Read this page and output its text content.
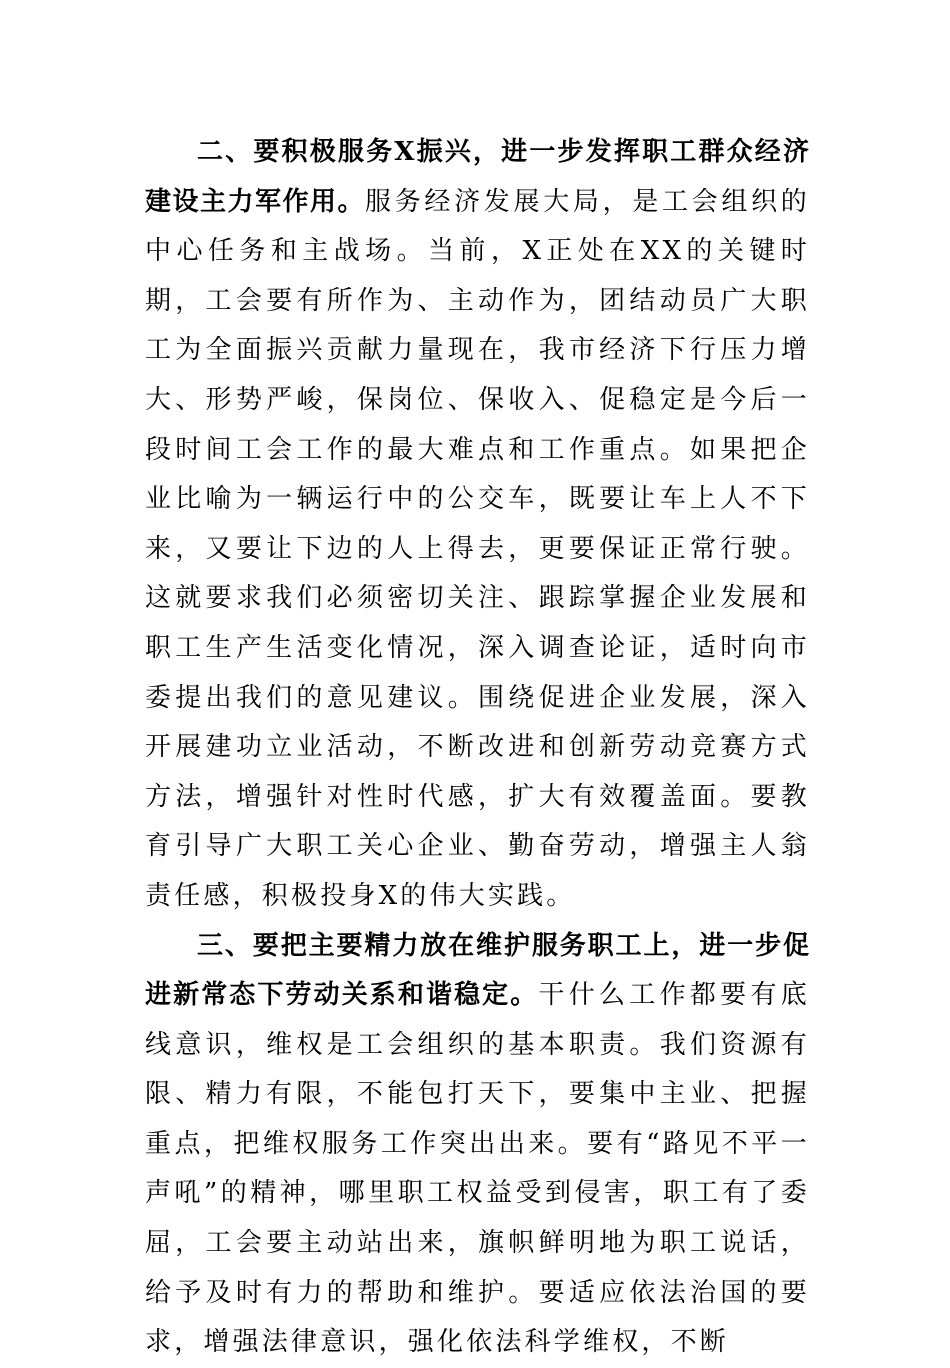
二、要积极服务X振兴，进一步发挥职工群众经济建设主力军作用。服务经济发展大局，是工会组织的中心任务和主战场。当前，X正处在XX的关键时期，工会要有所作为、主动作为，团结动员广大职工为全面振兴贡献力量现在，我市经济下行压力增大、形势严峻，保岗位、保收入、促稳定是今后一段时间工会工作的最大难点和工作重点。如果把企业比喻为一辆运行中的公交车，既要让车上人不下来，又要让下边的人上得去，更要保证正常行驶。这就要求我们必须密切关注、跟踪掌握企业发展和职工生产生活变化情况，深入调查论证，适时向市委提出我们的意见建议。围绕促进企业发展，深入开展建功立业活动，不断改进和创新劳动竞赛方式方法，增强针对性时代感，扩大有效覆盖面。要教育引导广大职工关心企业、勤奋劳动，增强主人翁责任感，积极投身X的伟大实践。

三、要把主要精力放在维护服务职工上，进一步促进新常态下劳动关系和谐稳定。干什么工作都要有底线意识，维权是工会组织的基本职责。我们资源有限、精力有限，不能包打天下，要集中主业、把握重点，把维权服务工作突出出来。要有“路见不平一声吼”的精神，哪里职工权益受到侵害，职工有了委屈，工会要主动站出来，旗帜鲜明地为职工说话，给予及时有力的帮助和维护。要适应依法治国的要求，增强法律意识，强化依法科学维权，不断
